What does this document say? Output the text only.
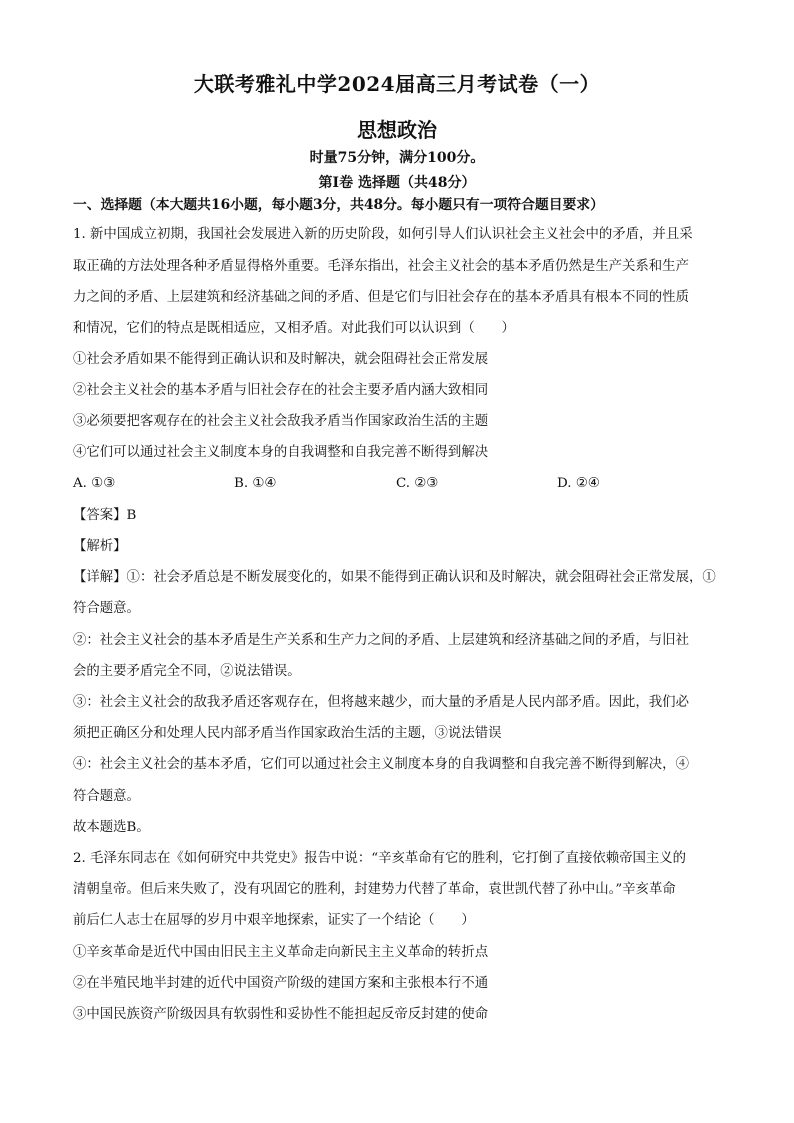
大联考雅礼中学2024届高三月考试卷（一）
思想政治
时量75分钟，满分100分。
第Ⅰ卷 选择题（共48分）
一、选择题（本大题共16小题，每小题3分，共48分。每小题只有一项符合题目要求）
1. 新中国成立初期，我国社会发展进入新的历史阶段，如何引导人们认识社会主义社会中的矛盾，并且采
取正确的方法处理各种矛盾显得格外重要。毛泽东指出，社会主义社会的基本矛盾仍然是生产关系和生产
力之间的矛盾、上层建筑和经济基础之间的矛盾、但是它们与旧社会存在的基本矛盾具有根本不同的性质
和情况，它们的特点是既相适应，又相矛盾。对此我们可以认识到（　　）
①社会矛盾如果不能得到正确认识和及时解决，就会阻碍社会正常发展
②社会主义社会的基本矛盾与旧社会存在的社会主要矛盾内涵大致相同
③必须要把客观存在的社会主义社会敌我矛盾当作国家政治生活的主题
④它们可以通过社会主义制度本身的自我调整和自我完善不断得到解决
A. ①③	B. ①④	C. ②③	D. ②④
【答案】B
【解析】
【详解】①：社会矛盾总是不断发展变化的，如果不能得到正确认识和及时解决，就会阻碍社会正常发展，①
符合题意。
②：社会主义社会的基本矛盾是生产关系和生产力之间的矛盾、上层建筑和经济基础之间的矛盾，与旧社
会的主要矛盾完全不同，②说法错误。
③：社会主义社会的敌我矛盾还客观存在，但将越来越少，而大量的矛盾是人民内部矛盾。因此，我们必
须把正确区分和处理人民内部矛盾当作国家政治生活的主题，③说法错误
④：社会主义社会的基本矛盾，它们可以通过社会主义制度本身的自我调整和自我完善不断得到解决，④
符合题意。
故本题选B。
2. 毛泽东同志在《如何研究中共党史》报告中说：“辛亥革命有它的胜利，它打倒了直接依赖帝国主义的
清朝皇帝。但后来失败了，没有巩固它的胜利，封建势力代替了革命，袁世凯代替了孙中山。”辛亥革命
前后仁人志士在屈辱的岁月中艰辛地探索，证实了一个结论（　　）
①辛亥革命是近代中国由旧民主主义革命走向新民主主义革命的转折点
②在半殖民地半封建的近代中国资产阶级的建国方案和主张根本行不通
③中国民族资产阶级因具有软弱性和妥协性不能担起反帝反封建的使命
